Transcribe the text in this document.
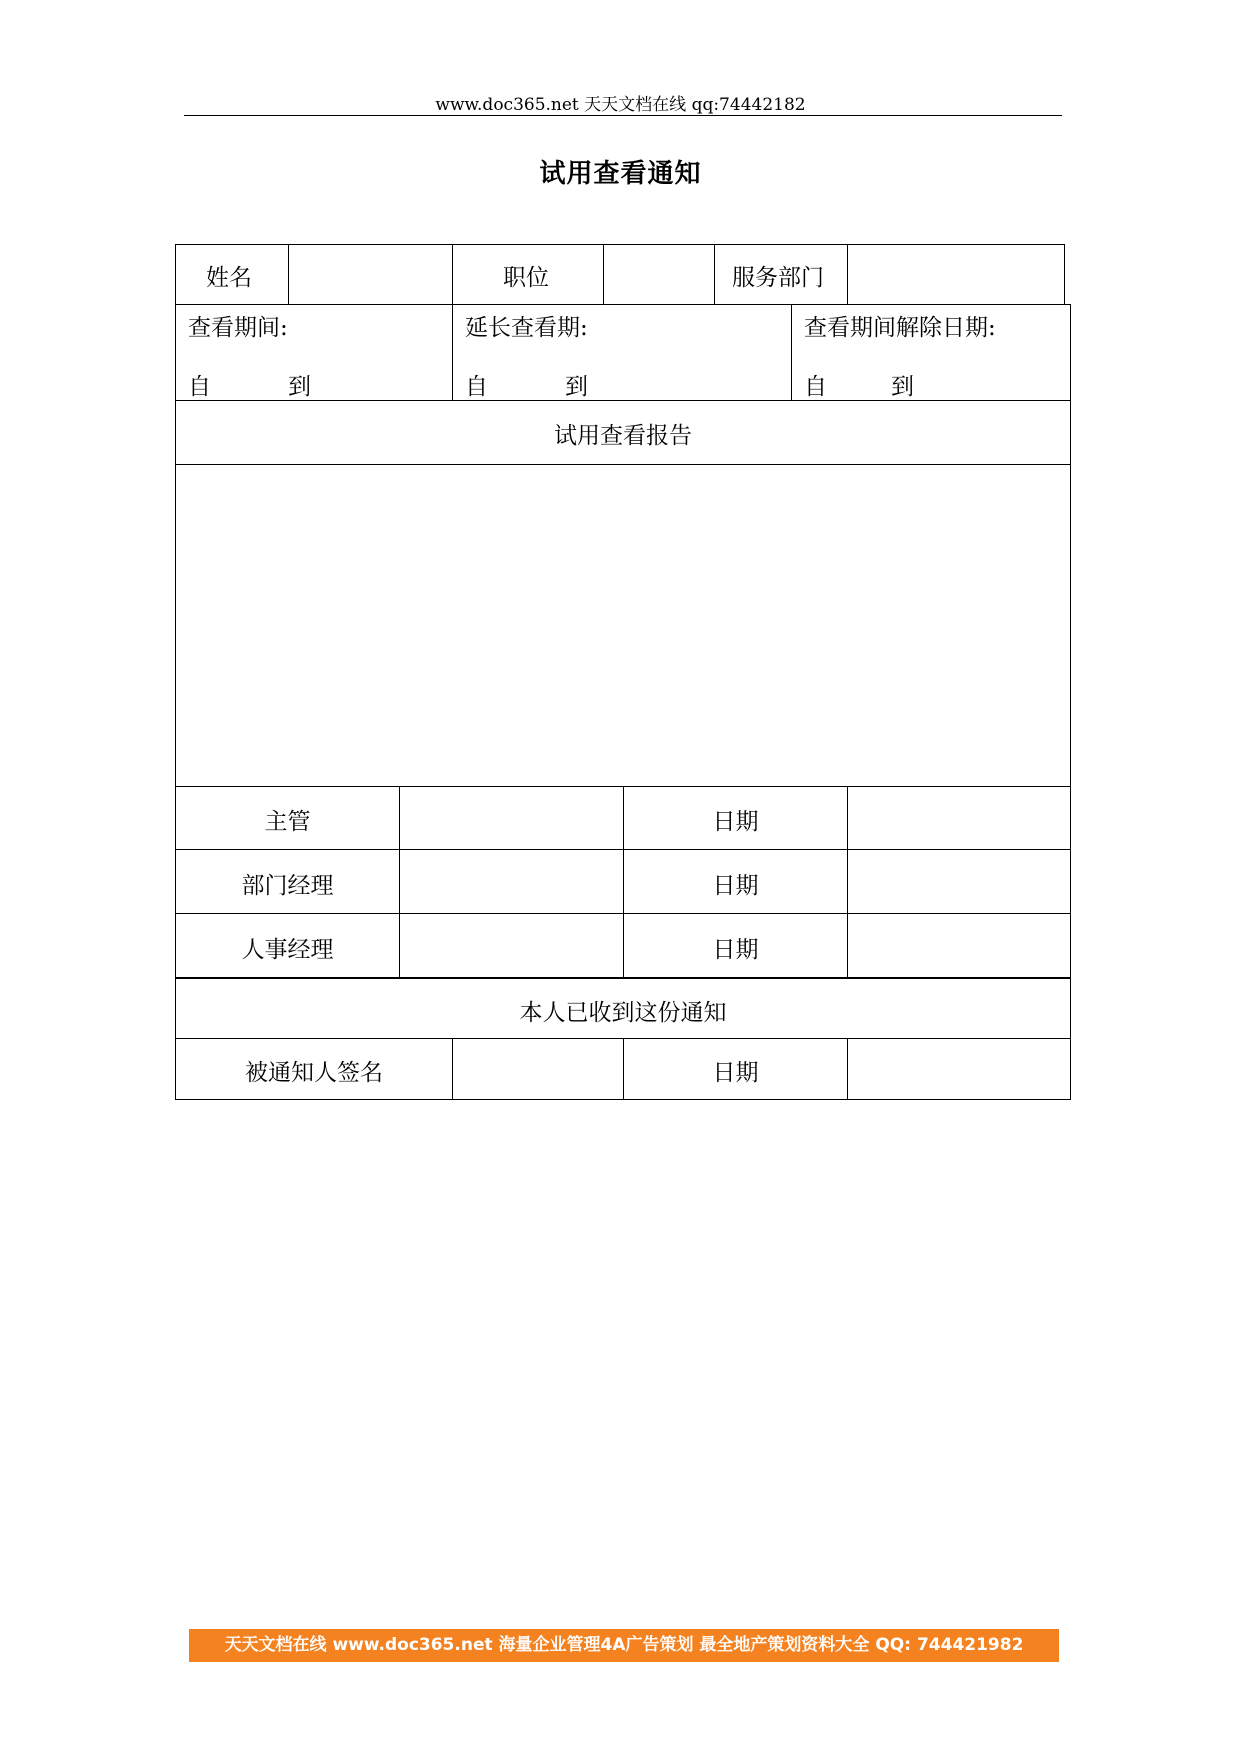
www.doc365.net 天天文档在线 qq:74442182
试用查看通知
姓名	职位	服务部门
查看期间:
自	到
延长查看期:
自	到
查看期间解除日期:
自	到
试用查看报告
主管	日期
部门经理	日期
人事经理	日期
本人已收到这份通知
被通知人签名	日期
天天文档在线 www.doc365.net 海量企业管理4A广告策划 最全地产策划资料大全 QQ: 744421982
